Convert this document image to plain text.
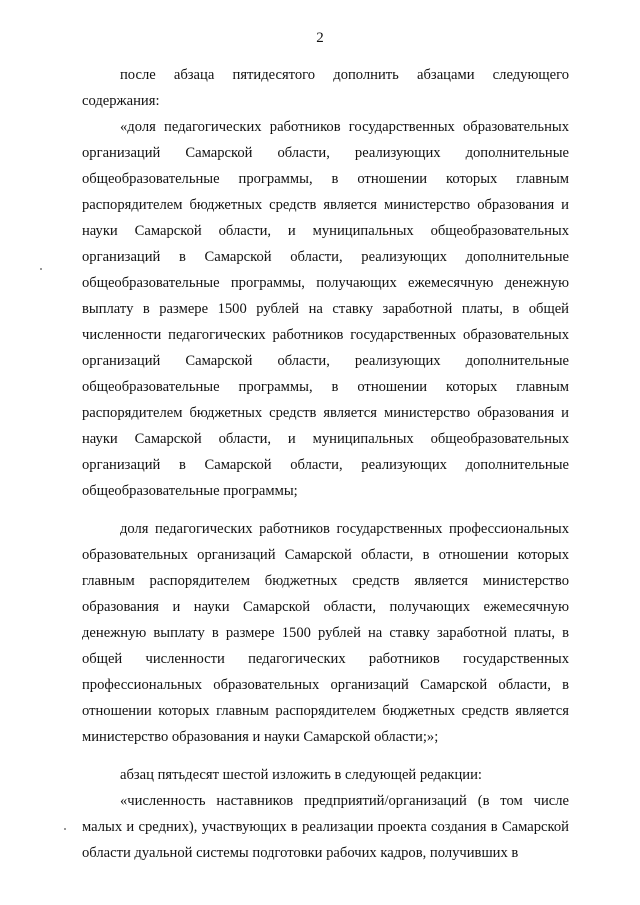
2

после абзаца пятидесятого дополнить абзацами следующего содержания:

«доля педагогических работников государственных образовательных организаций Самарской области, реализующих дополнительные общеобразовательные программы, в отношении которых главным распорядителем бюджетных средств является министерство образования и науки Самарской области, и муниципальных общеобразовательных организаций в Самарской области, реализующих дополнительные общеобразовательные программы, получающих ежемесячную денежную выплату в размере 1500 рублей на ставку заработной платы, в общей численности педагогических работников государственных образовательных организаций Самарской области, реализующих дополнительные общеобразовательные программы, в отношении которых главным распорядителем бюджетных средств является министерство образования и науки Самарской области, и муниципальных общеобразовательных организаций в Самарской области, реализующих дополнительные общеобразовательные программы;

доля педагогических работников государственных профессиональных образовательных организаций Самарской области, в отношении которых главным распорядителем бюджетных средств является министерство образования и науки Самарской области, получающих ежемесячную денежную выплату в размере 1500 рублей на ставку заработной платы, в общей численности педагогических работников государственных профессиональных образовательных организаций Самарской области, в отношении которых главным распорядителем бюджетных средств является министерство образования и науки Самарской области;»;

абзац пятьдесят шестой изложить в следующей редакции:

«численность наставников предприятий/организаций (в том числе малых и средних), участвующих в реализации проекта создания в Самарской области дуальной системы подготовки рабочих кадров, получивших в
